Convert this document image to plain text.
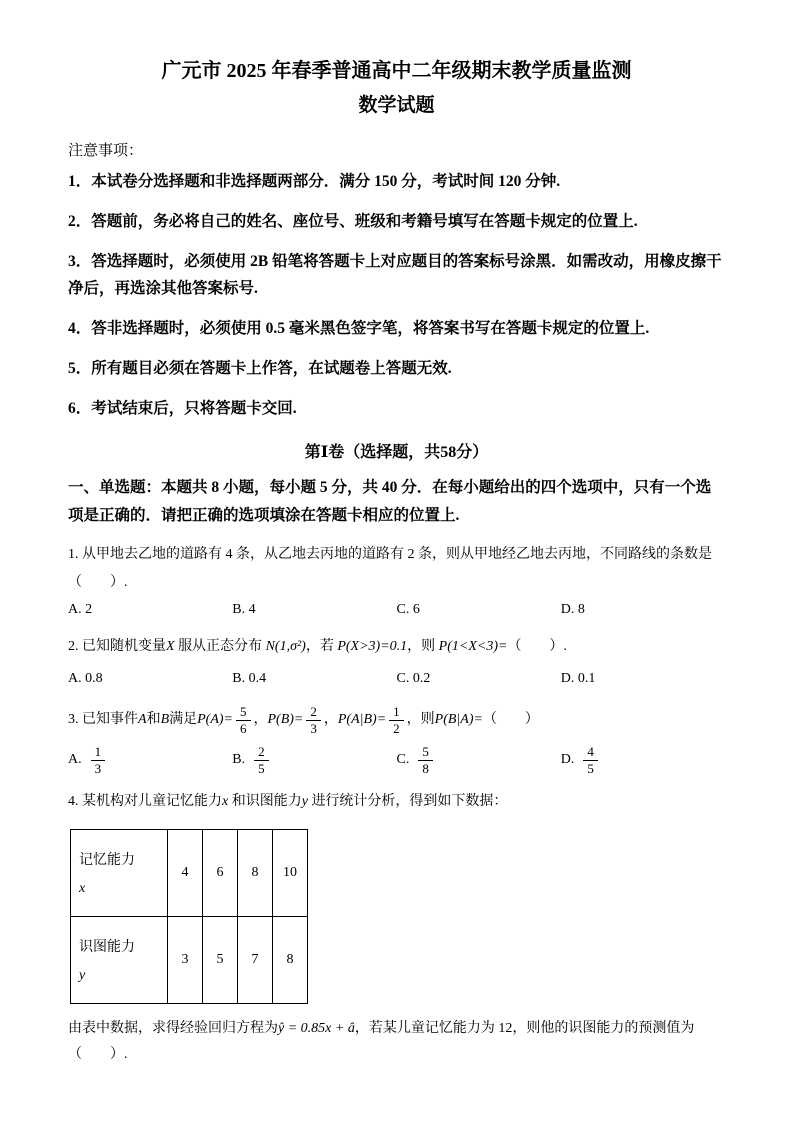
广元市 2025 年春季普通高中二年级期末教学质量监测
数学试题

注意事项：

1．本试卷分选择题和非选择题两部分．满分 150 分，考试时间 120 分钟.

2．答题前，务必将自己的姓名、座位号、班级和考籍号填写在答题卡规定的位置上.

3．答选择题时，必须使用 2B 铅笔将答题卡上对应题目的答案标号涂黑．如需改动，用橡皮擦干净后，再选涂其他答案标号.

4．答非选择题时，必须使用 0.5 毫米黑色签字笔，将答案书写在答题卡规定的位置上.

5．所有题目必须在答题卡上作答，在试题卷上答题无效.

6．考试结束后，只将答题卡交回.

第Ⅰ卷（选择题，共58分）

一、单选题：本题共 8 小题，每小题 5 分，共 40 分．在每小题给出的四个选项中，只有一个选项是正确的．请把正确的选项填涂在答题卡相应的位置上.

1. 从甲地去乙地的道路有 4 条，从乙地去丙地的道路有 2 条，则从甲地经乙地去丙地，不同路线的条数是

（　　）.

A. 2	B. 4	C. 6	D. 8

2. 已知随机变量X 服从正态分布 N(1,σ²)，若 P(X>3)=0.1，则 P(1<X<3)=（　　）.

A. 0.8	B. 0.4	C. 0.2	D. 0.1

3. 已知事件 A 和 B 满足 $P(A)= \frac{5}{6}$ ， $P(B)= \frac{2}{3}$ ， $P(A|B)= \frac{1}{2}$ ，则 P(B|A)= （　　）

A. $\frac{1}{3}$	B. $\frac{2}{5}$	C. $\frac{5}{8}$	D. $\frac{4}{5}$

4. 某机构对儿童记忆能力x 和识图能力y 进行统计分析，得到如下数据：

记忆能力
x	4	6	8	10

识图能力
y	3	5	7	8

由表中数据，求得经验回归方程为ŷ = 0.85x + â，若某儿童记忆能力为 12，则他的识图能力的预测值为

（　　）.
